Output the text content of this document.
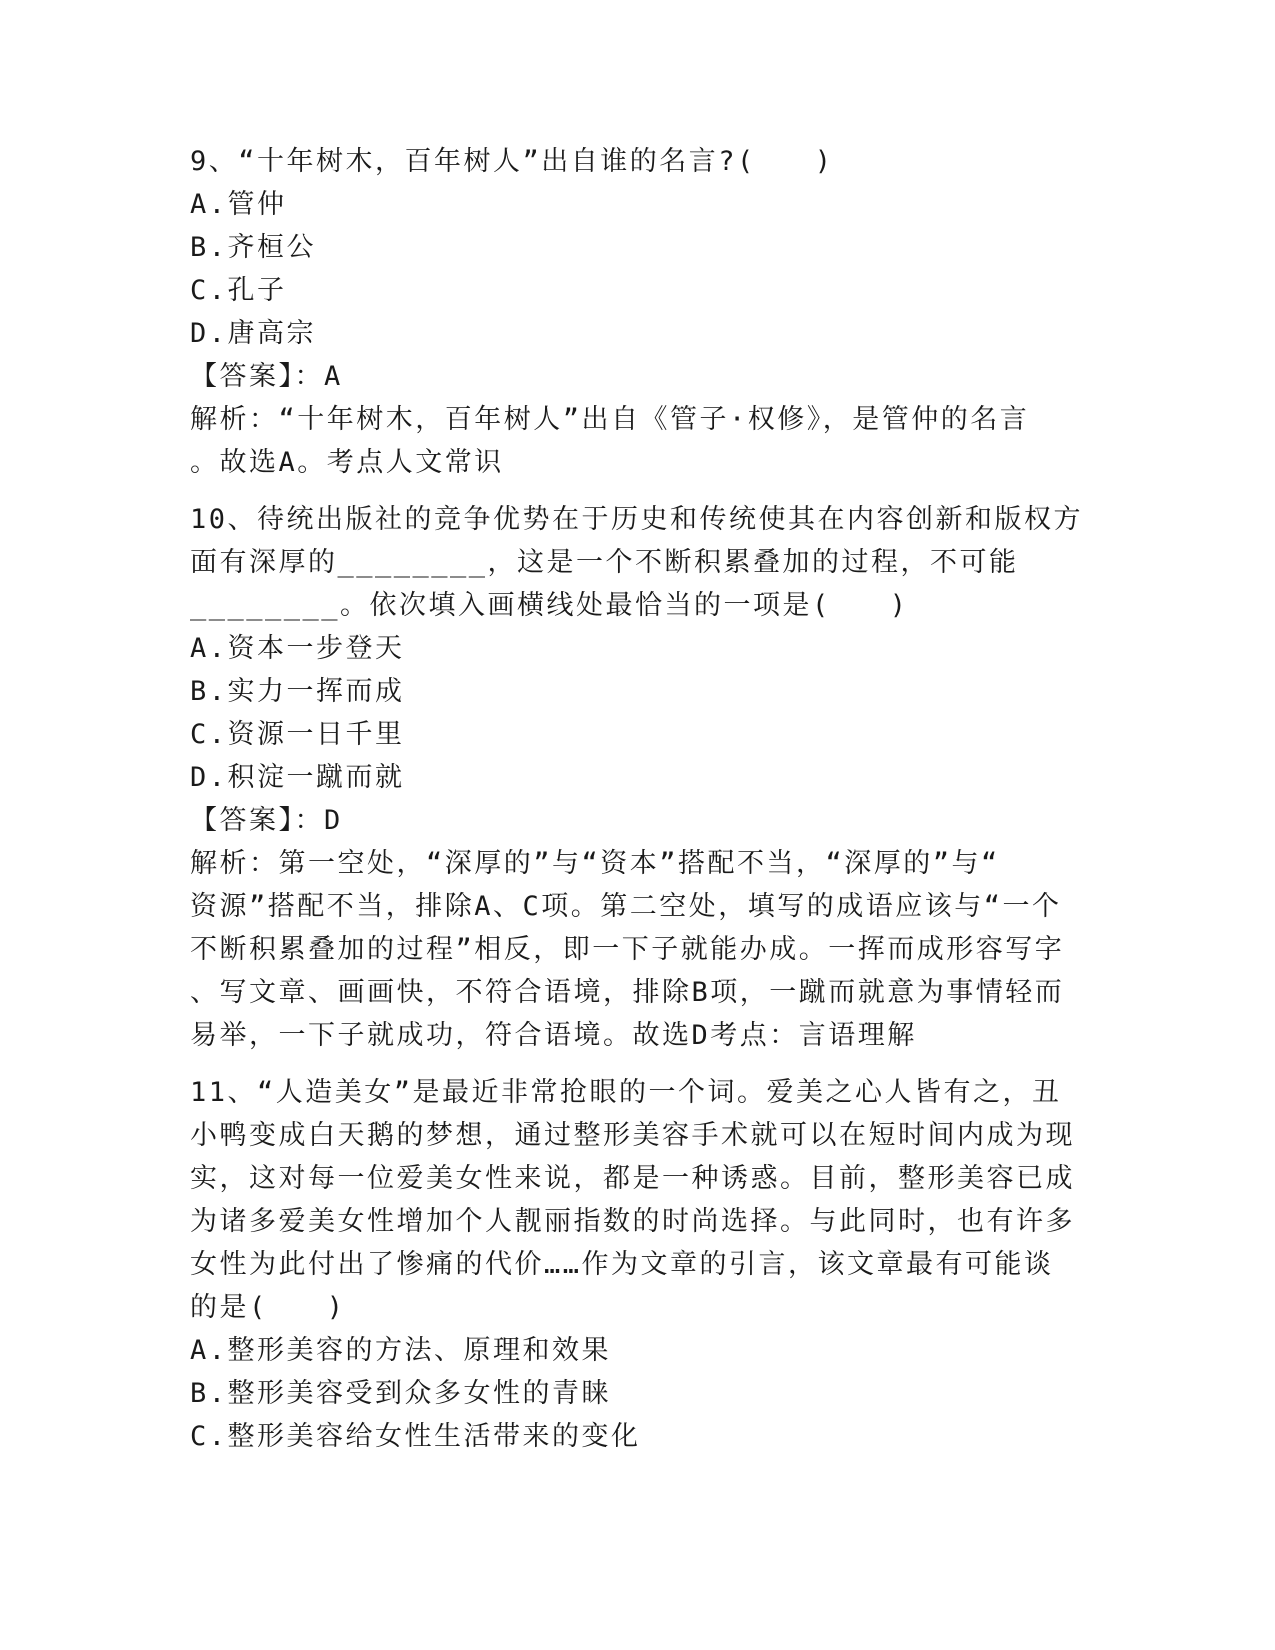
9、“十年树木，百年树人”出自谁的名言?(　　)
A.管仲
B.齐桓公
C.孔子
D.唐高宗
【答案】：A
解析：“十年树木，百年树人”出自《管子·权修》，是管仲的名言
。故选A。考点人文常识
10、待统出版社的竞争优势在于历史和传统使其在内容创新和版权方
面有深厚的________，这是一个不断积累叠加的过程，不可能
________。依次填入画横线处最恰当的一项是(　　)
A.资本一步登天
B.实力一挥而成
C.资源一日千里
D.积淀一蹴而就
【答案】：D
解析：第一空处，“深厚的”与“资本”搭配不当，“深厚的”与“
资源”搭配不当，排除A、C项。第二空处，填写的成语应该与“一个
不断积累叠加的过程”相反，即一下子就能办成。一挥而成形容写字
、写文章、画画快，不符合语境，排除B项，一蹴而就意为事情轻而
易举，一下子就成功，符合语境。故选D考点：言语理解
11、“人造美女”是最近非常抢眼的一个词。爱美之心人皆有之，丑
小鸭变成白天鹅的梦想，通过整形美容手术就可以在短时间内成为现
实，这对每一位爱美女性来说，都是一种诱惑。目前，整形美容已成
为诸多爱美女性增加个人靓丽指数的时尚选择。与此同时，也有许多
女性为此付出了惨痛的代价……作为文章的引言，该文章最有可能谈
的是(　　)
A.整形美容的方法、原理和效果
B.整形美容受到众多女性的青睐
C.整形美容给女性生活带来的变化
